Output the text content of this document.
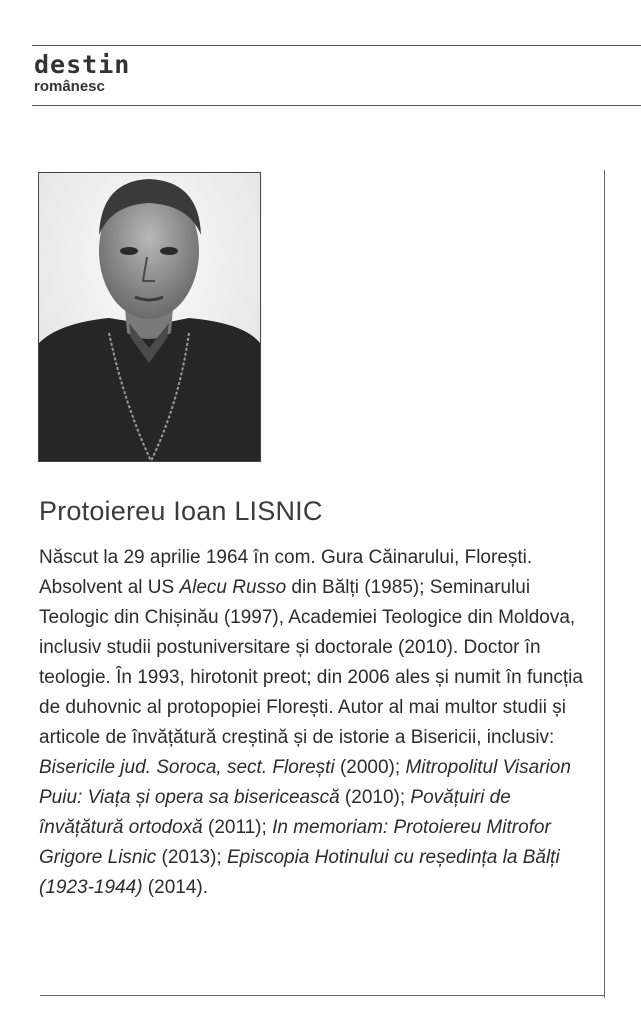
destin
românesc
Protoiereu Ioan LISNIC

Născut la 29 aprilie 1964 în com. Gura Căinarului, Florești. Absolvent al US Alecu Russo din Bălți (1985); Seminarului Teologic din Chișinău (1997), Academiei Teologice din Moldova, inclusiv studii postuniversitare și doctorale (2010). Doctor în teologie. În 1993, hirotonit preot; din 2006 ales și numit în funcția de duhovnic al protopopiei Florești. Autor al mai multor studii și articole de învățătură creștină și de istorie a Bisericii, inclusiv: Bisericile jud. Soroca, sect. Florești (2000); Mitropolitul Visarion Puiu: Viața și opera sa bisericească (2010); Povățuiri de învățătură ortodoxă (2011); In memoriam: Protoiereu Mitrofor Grigore Lisnic (2013); Episcopia Hotinului cu reședința la Bălți (1923-1944) (2014).
